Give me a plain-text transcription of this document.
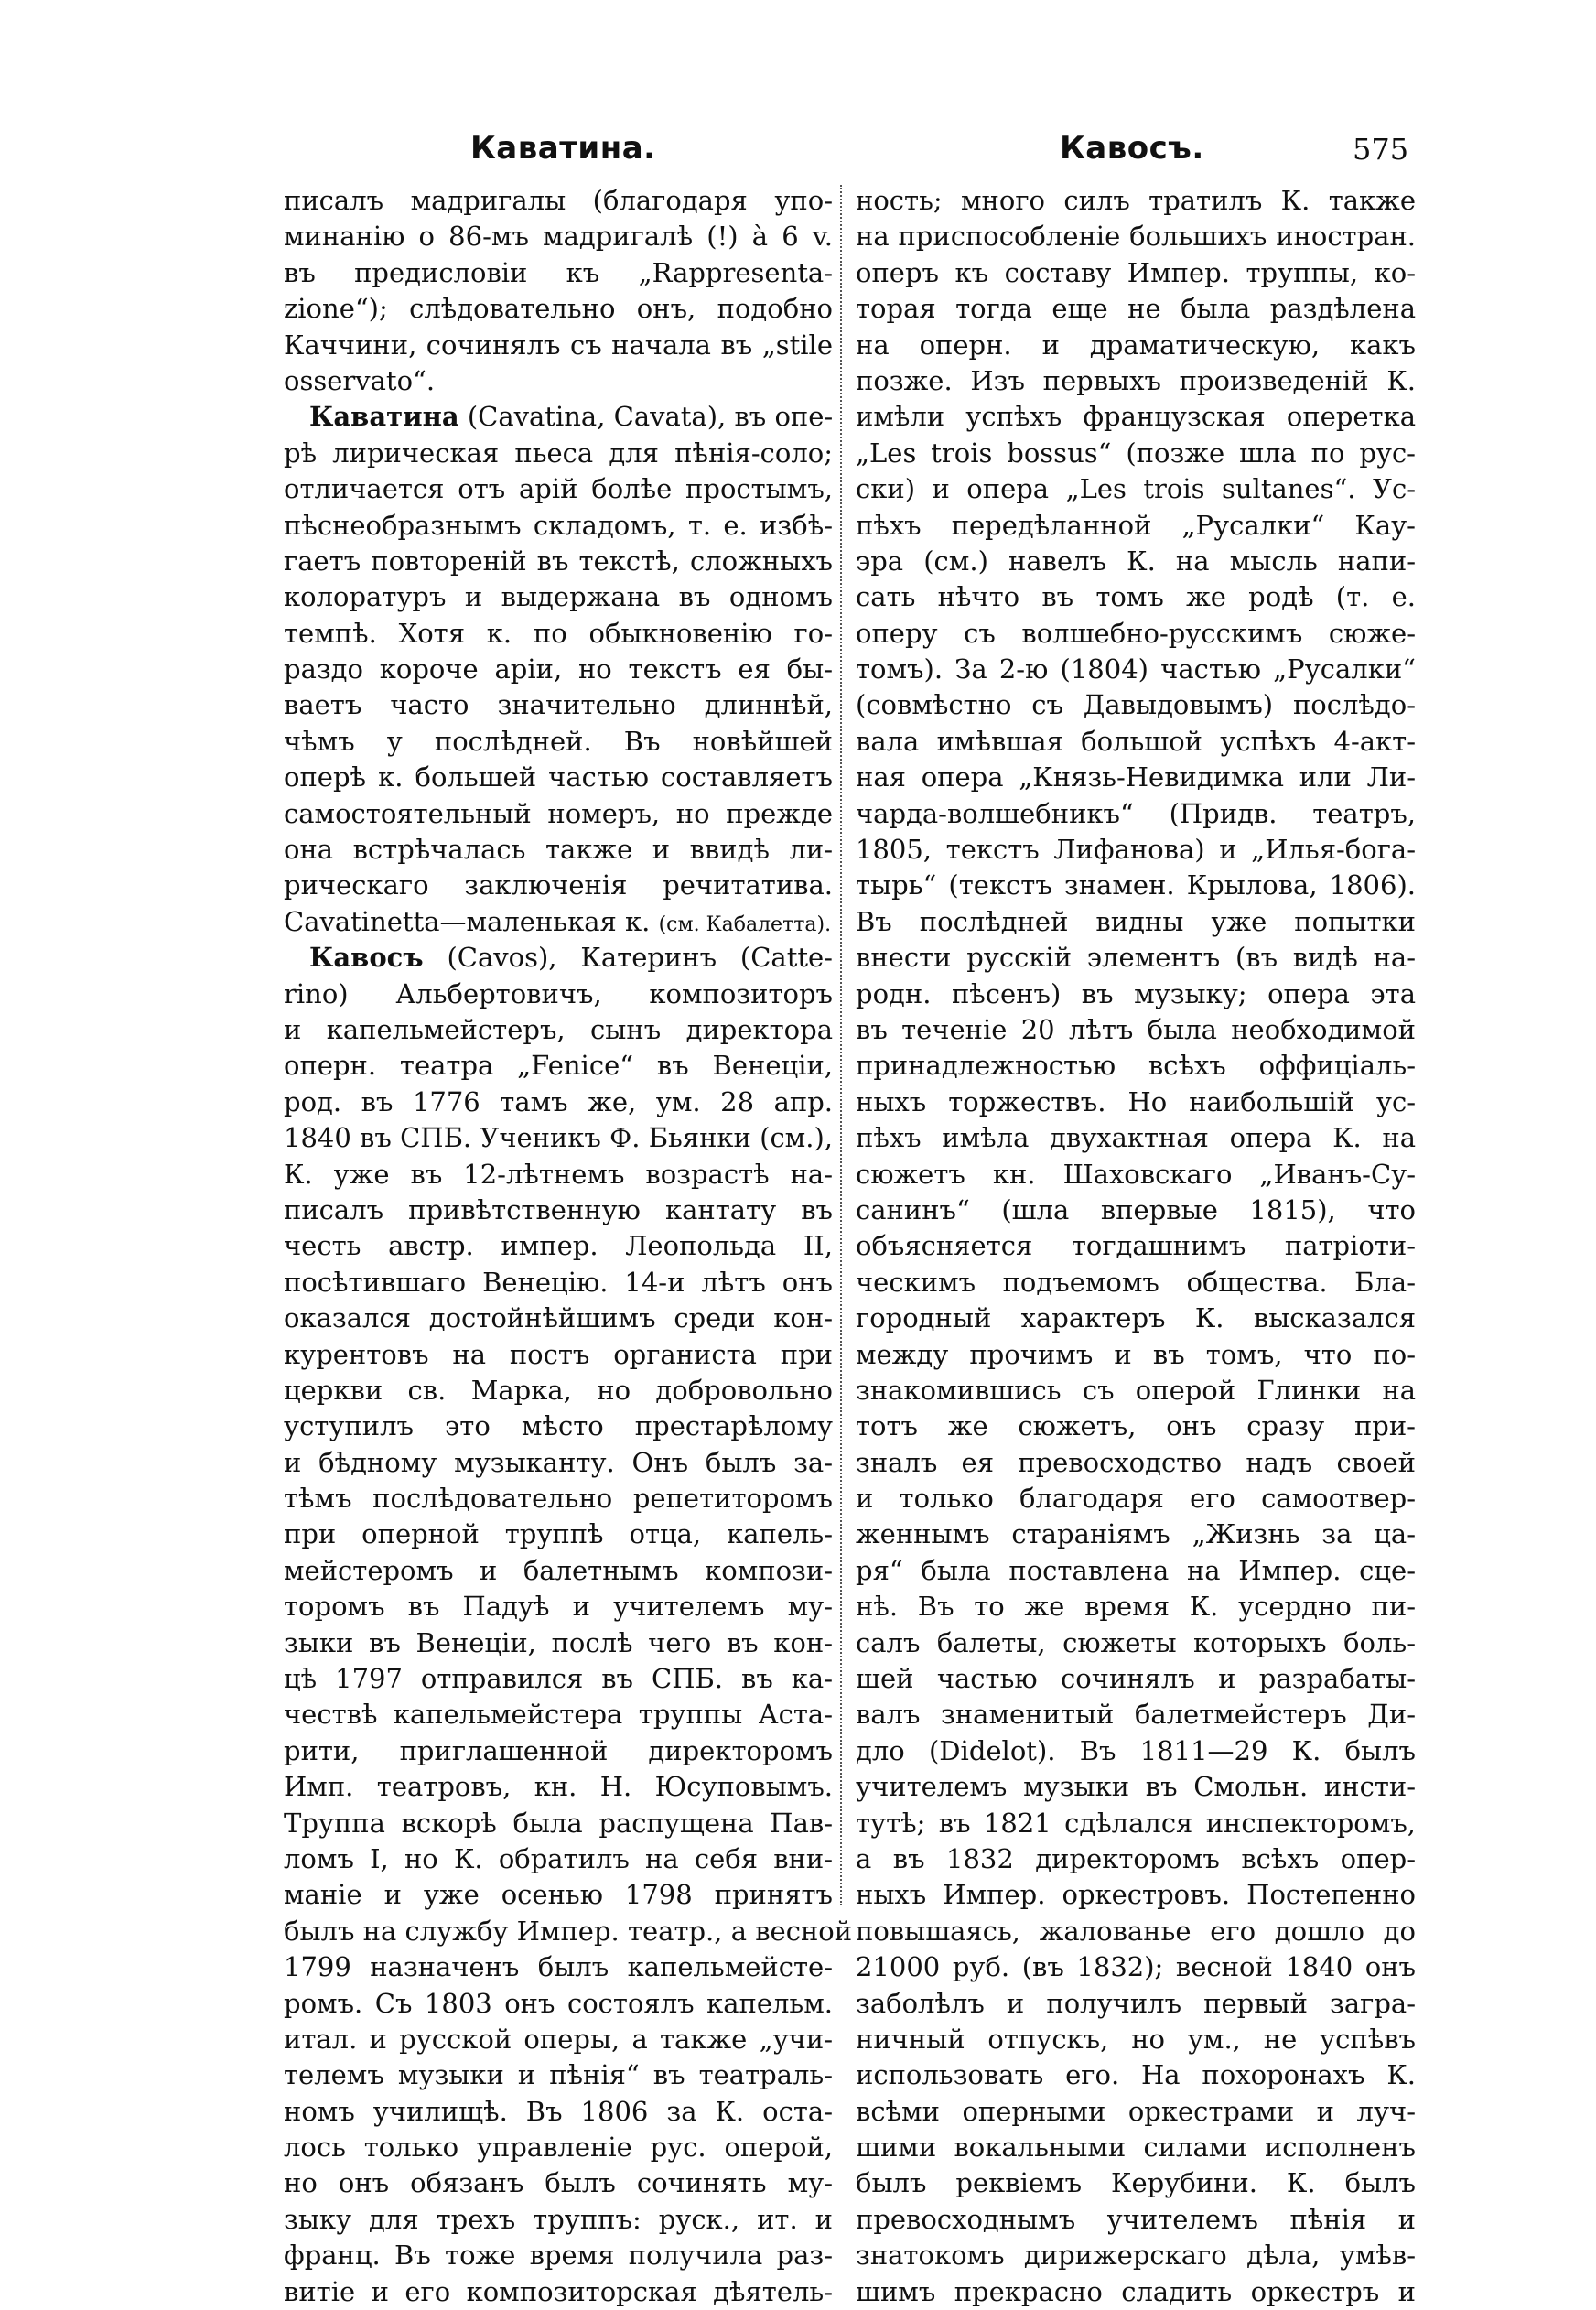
Каватина.	Кавосъ.	575
писалъ мадригалы (благодаря упо-
минанію о 86-мъ мадригалѣ (!) à 6 v.
въ предисловіи къ „Rappresenta-
zione“); слѣдовательно онъ, подобно
Каччини, сочинялъ съ начала въ „stile
osservato“.
Каватина (Cavatina, Cavata), въ опе-
рѣ лирическая пьеса для пѣнія-соло;
отличается отъ арій болѣе простымъ,
пѣснеобразнымъ складомъ, т. е. избѣ-
гаетъ повтореній въ текстѣ, сложныхъ
колоратуръ и выдержана въ одномъ
темпѣ. Хотя к. по обыкновенію го-
раздо короче аріи, но текстъ ея бы-
ваетъ часто значительно длиннѣй,
чѣмъ у послѣдней. Въ новѣйшей
оперѣ к. большей частью составляетъ
самостоятельный номеръ, но прежде
она встрѣчалась также и ввидѣ ли-
рическаго заключенія речитатива.
Cavatinetta—маленькая к. (см. Кабалетта).
Кавосъ (Cavos), Катеринъ (Catte-
rino) Альбертовичъ, композиторъ
и капельмейстеръ, сынъ директора
оперн. театра „Fenice“ въ Венеціи,
род. въ 1776 тамъ же, ум. 28 апр.
1840 въ СПБ. Ученикъ Ф. Бьянки (см.),
К. уже въ 12-лѣтнемъ возрастѣ на-
писалъ привѣтственную кантату въ
честь австр. импер. Леопольда II,
посѣтившаго Венецію. 14-и лѣтъ онъ
оказался достойнѣйшимъ среди кон-
курентовъ на постъ органиста при
церкви св. Марка, но добровольно
уступилъ это мѣсто престарѣлому
и бѣдному музыканту. Онъ былъ за-
тѣмъ послѣдовательно репетиторомъ
при оперной труппѣ отца, капель-
мейстеромъ и балетнымъ компози-
торомъ въ Падуѣ и учителемъ му-
зыки въ Венеціи, послѣ чего въ кон-
цѣ 1797 отправился въ СПБ. въ ка-
чествѣ капельмейстера труппы Аста-
рити, приглашенной директоромъ
Имп. театровъ, кн. Н. Юсуповымъ.
Труппа вскорѣ была распущена Пав-
ломъ I, но К. обратилъ на себя вни-
маніе и уже осенью 1798 принятъ
былъ на службу Импер. театр., а весной
1799 назначенъ былъ капельмейсте-
ромъ. Съ 1803 онъ состоялъ капельм.
итал. и русской оперы, а также „учи-
телемъ музыки и пѣнія“ въ театраль-
номъ училищѣ. Въ 1806 за К. оста-
лось только управленіе рус. оперой,
но онъ обязанъ былъ сочинять му-
зыку для трехъ труппъ: руск., ит. и
франц. Въ тоже время получила раз-
витіе и его композиторская дѣятель-
ность; много силъ тратилъ К. также
на приспособленіе большихъ иностран.
оперъ къ составу Импер. труппы, ко-
торая тогда еще не была раздѣлена
на оперн. и драматическую, какъ
позже. Изъ первыхъ произведеній К.
имѣли успѣхъ французская оперетка
„Les trois bossus“ (позже шла по рус-
ски) и опера „Les trois sultanes“. Ус-
пѣхъ передѣланной „Русалки“ Кау-
эра (см.) навелъ К. на мысль напи-
сать нѣчто въ томъ же родѣ (т. е.
оперу съ волшебно-русскимъ сюже-
томъ). За 2-ю (1804) частью „Русалки“
(совмѣстно съ Давыдовымъ) послѣдо-
вала имѣвшая большой успѣхъ 4-акт-
ная опера „Князь-Невидимка или Ли-
чарда-волшебникъ“ (Придв. театръ,
1805, текстъ Лифанова) и „Илья-бога-
тырь“ (текстъ знамен. Крылова, 1806).
Въ послѣдней видны уже попытки
внести русскій элементъ (въ видѣ на-
родн. пѣсенъ) въ музыку; опера эта
въ теченіе 20 лѣтъ была необходимой
принадлежностью всѣхъ оффиціаль-
ныхъ торжествъ. Но наибольшій ус-
пѣхъ имѣла двухактная опера К. на
сюжетъ кн. Шаховскаго „Иванъ-Су-
санинъ“ (шла впервые 1815), что
объясняется тогдашнимъ патріоти-
ческимъ подъемомъ общества. Бла-
городный характеръ К. высказался
между прочимъ и въ томъ, что по-
знакомившись съ оперой Глинки на
тотъ же сюжетъ, онъ сразу при-
зналъ ея превосходство надъ своей
и только благодаря его самоотвер-
женнымъ стараніямъ „Жизнь за ца-
ря“ была поставлена на Импер. сце-
нѣ. Въ то же время К. усердно пи-
салъ балеты, сюжеты которыхъ боль-
шей частью сочинялъ и разрабаты-
валъ знаменитый балетмейстеръ Ди-
дло (Didelot). Въ 1811—29 К. былъ
учителемъ музыки въ Смольн. инсти-
тутѣ; въ 1821 сдѣлался инспекторомъ,
а въ 1832 директоромъ всѣхъ опер-
ныхъ Импер. оркестровъ. Постепенно
повышаясь, жалованье его дошло до
21000 руб. (въ 1832); весной 1840 онъ
заболѣлъ и получилъ первый загра-
ничный отпускъ, но ум., не успѣвъ
использовать его. На похоронахъ К.
всѣми оперными оркестрами и луч-
шими вокальными силами исполненъ
былъ реквіемъ Керубини. К. былъ
превосходнымъ учителемъ пѣнія и
знатокомъ дирижерскаго дѣла, умѣв-
шимъ прекрасно сладить оркестръ и
